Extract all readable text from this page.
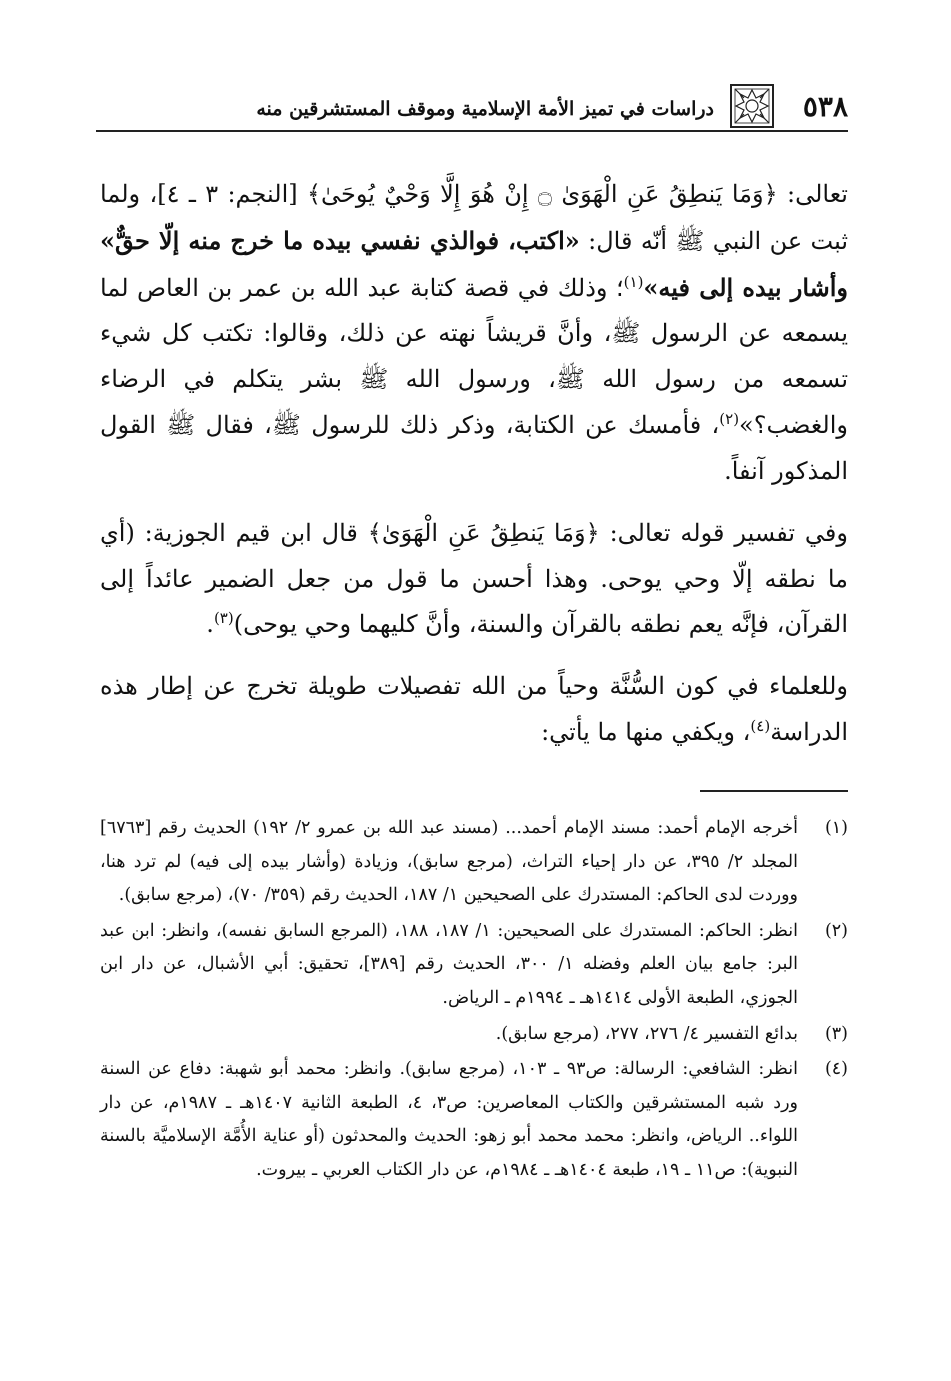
٥٣٨
دراسات في تميز الأمة الإسلامية وموقف المستشرقين منه

تعالى: ﴿وَمَا يَنطِقُ عَنِ الْهَوَىٰ ۝ إِنْ هُوَ إِلَّا وَحْيٌ يُوحَىٰ﴾ [النجم: ٣ ـ ٤]، ولما ثبت عن النبي ﷺ أنّه قال: «اكتب، فوالذي نفسي بيده ما خرج منه إلّا حقٌّ» وأشار بيده إلى فيه»$^{(١)}$؛ وذلك في قصة كتابة عبد الله بن عمر بن العاص لما يسمعه عن الرسول ﷺ، وأنَّ قريشاً نهته عن ذلك، وقالوا: تكتب كل شيء تسمعه من رسول الله ﷺ، ورسول الله ﷺ بشر يتكلم في الرضاء والغضب؟»$^{(٢)}$، فأمسك عن الكتابة، وذكر ذلك للرسول ﷺ، فقال ﷺ القول المذكور آنفاً.

وفي تفسير قوله تعالى: ﴿وَمَا يَنطِقُ عَنِ الْهَوَىٰ﴾ قال ابن قيم الجوزية: (أي ما نطقه إلّا وحي يوحى. وهذا أحسن ما قول من جعل الضمير عائداً إلى القرآن، فإنَّه يعم نطقه بالقرآن والسنة، وأنَّ كليهما وحي يوحى)$^{(٣)}$.

وللعلماء في كون السُّنَّة وحياً من الله تفصيلات طويلة تخرج عن إطار هذه الدراسة$^{(٤)}$، ويكفي منها ما يأتي:

(١)
أخرجه الإمام أحمد: مسند الإمام أحمد... (مسند عبد الله بن عمرو ٢/ ١٩٢) الحديث رقم [٦٧٦٣] المجلد ٢/ ٣٩٥، عن دار إحياء التراث، (مرجع سابق)، وزيادة (وأشار بيده إلى فيه) لم ترد هنا، ووردت لدى الحاكم: المستدرك على الصحيحين ١/ ١٨٧، الحديث رقم (٣٥٩/ ٧٠)، (مرجع سابق).
(٢)
انظر: الحاكم: المستدرك على الصحيحين: ١/ ١٨٧، ١٨٨، (المرجع السابق نفسه)، وانظر: ابن عبد البر: جامع بيان العلم وفضله ١/ ٣٠٠، الحديث رقم [٣٨٩]، تحقيق: أبي الأشبال، عن دار ابن الجوزي، الطبعة الأولى ١٤١٤هـ ـ ١٩٩٤م ـ الرياض.
(٣)
بدائع التفسير ٤/ ٢٧٦، ٢٧٧، (مرجع سابق).
(٤)
انظر: الشافعي: الرسالة: ص٩٣ ـ ١٠٣، (مرجع سابق). وانظر: محمد أبو شهبة: دفاع عن السنة ورد شبه المستشرقين والكتاب المعاصرين: ص٣، ٤، الطبعة الثانية ١٤٠٧هـ ـ ١٩٨٧م، عن دار اللواء.. الرياض، وانظر: محمد محمد أبو زهو: الحديث والمحدثون (أو عناية الأُمَّة الإسلاميَّة بالسنة النبوية): ص١١ ـ ١٩، طبعة ١٤٠٤هـ ـ ١٩٨٤م، عن دار الكتاب العربي ـ بيروت.
